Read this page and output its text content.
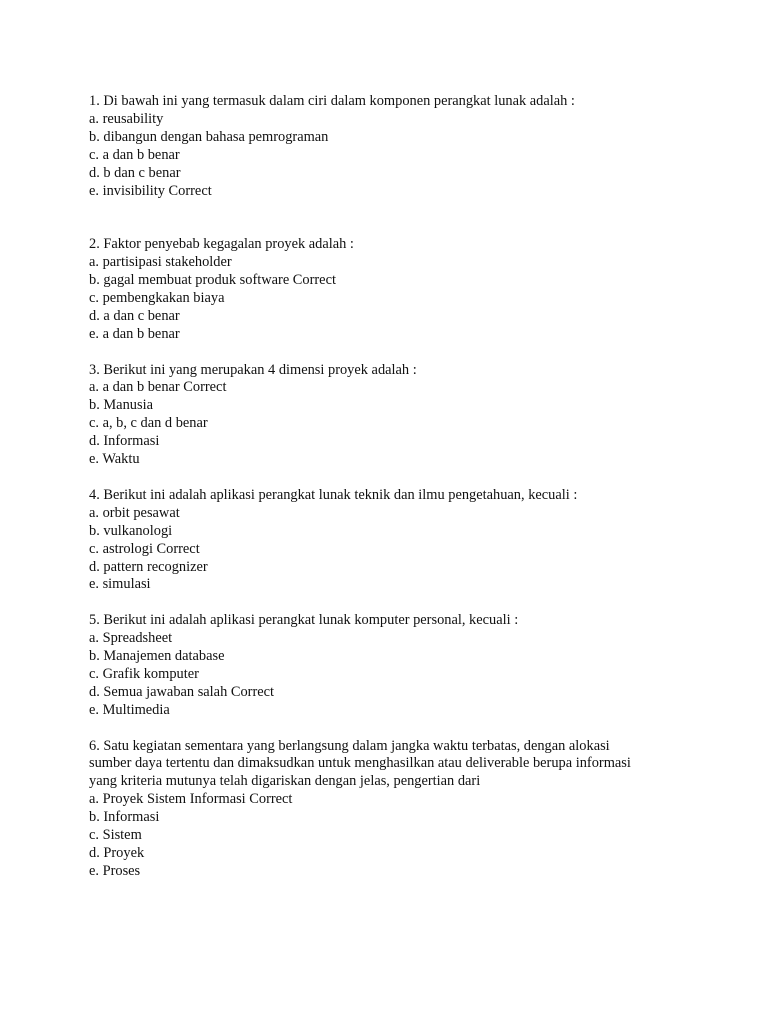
1. Di bawah ini yang termasuk dalam ciri dalam komponen perangkat lunak adalah :
a. reusability
b. dibangun dengan bahasa pemrograman
c. a dan b benar
d. b dan c benar
e. invisibility Correct
2. Faktor penyebab kegagalan proyek adalah :
a. partisipasi stakeholder
b. gagal membuat produk software Correct
c. pembengkakan biaya
d. a dan c benar
e. a dan b benar
3. Berikut ini yang merupakan 4 dimensi proyek adalah :
a. a dan b benar Correct
b. Manusia
c. a, b, c dan d benar
d. Informasi
e. Waktu
4. Berikut ini adalah aplikasi perangkat lunak teknik dan ilmu pengetahuan, kecuali :
a. orbit pesawat
b. vulkanologi
c. astrologi Correct
d. pattern recognizer
e. simulasi
5. Berikut ini adalah aplikasi perangkat lunak komputer personal, kecuali :
a. Spreadsheet
b. Manajemen database
c. Grafik komputer
d. Semua jawaban salah Correct
e. Multimedia
6. Satu kegiatan sementara yang berlangsung dalam jangka waktu terbatas, dengan alokasi
sumber daya tertentu dan dimaksudkan untuk menghasilkan atau deliverable berupa informasi
yang kriteria mutunya telah digariskan dengan jelas, pengertian dari
a. Proyek Sistem Informasi Correct
b. Informasi
c. Sistem
d. Proyek
e. Proses
